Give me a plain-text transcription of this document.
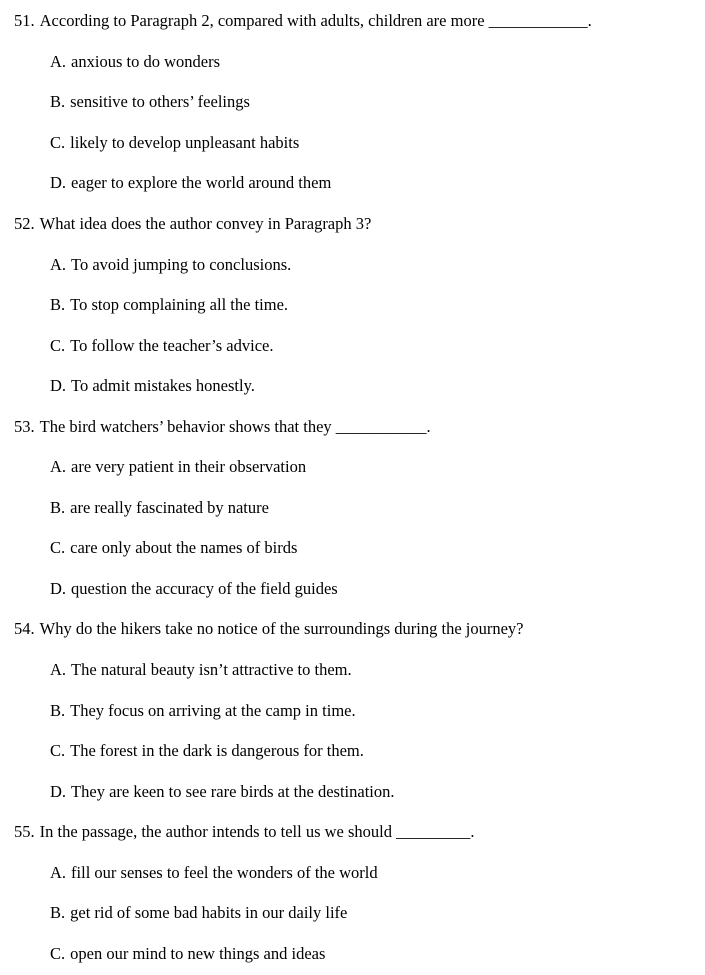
51. According to Paragraph 2, compared with adults, children are more ____________.
A. anxious to do wonders
B. sensitive to others’ feelings
C. likely to develop unpleasant habits
D. eager to explore the world around them
52. What idea does the author convey in Paragraph 3?
A. To avoid jumping to conclusions.
B. To stop complaining all the time.
C. To follow the teacher’s advice.
D. To admit mistakes honestly.
53. The bird watchers’ behavior shows that they ___________.
A. are very patient in their observation
B. are really fascinated by nature
C. care only about the names of birds
D. question the accuracy of the field guides
54. Why do the hikers take no notice of the surroundings during the journey?
A. The natural beauty isn’t attractive to them.
B. They focus on arriving at the camp in time.
C. The forest in the dark is dangerous for them.
D. They are keen to see rare birds at the destination.
55. In the passage, the author intends to tell us we should _________.
A. fill our senses to feel the wonders of the world
B. get rid of some bad habits in our daily life
C. open our mind to new things and ideas
